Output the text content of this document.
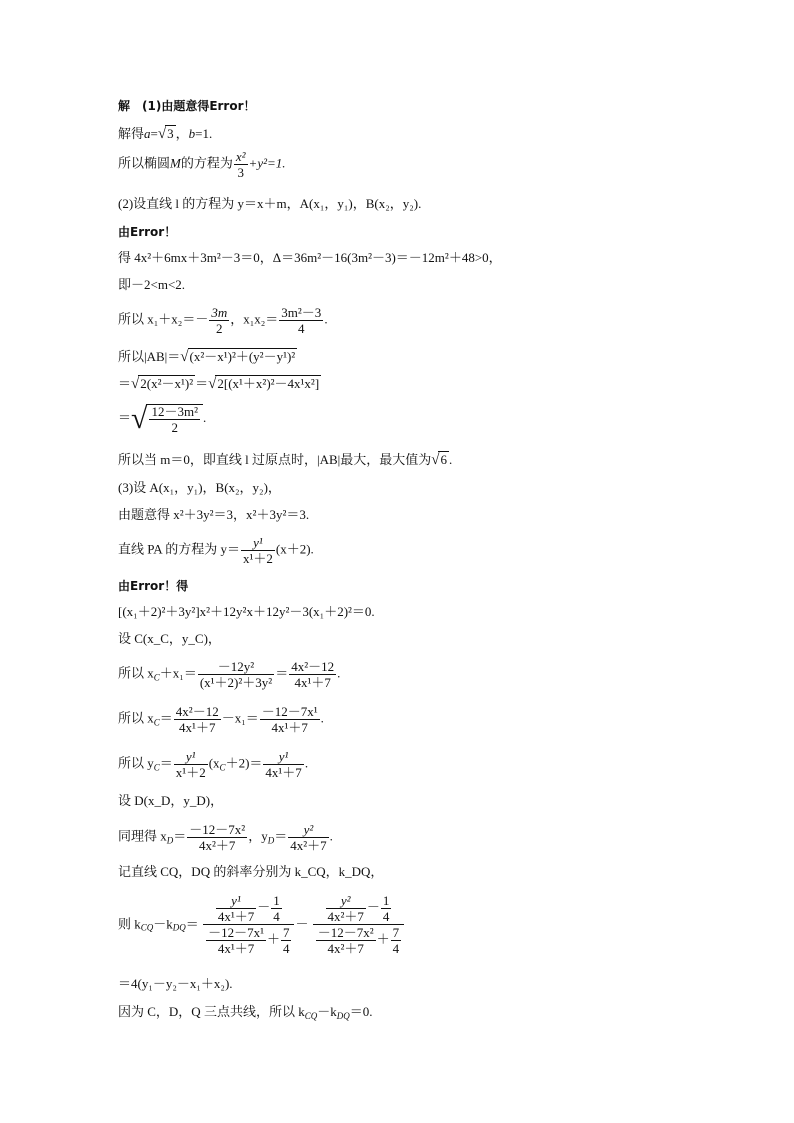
解　(1)由题意得Error！
解得a=√3 ，b=1.
所以椭圆M的方程为 $\frac{\text{x²}}{3} +y^2=1$.
(2)设直线 l 的方程为 y＝x＋m，A(x₁，y₁)，B(x₂，y₂).
由Error！
得 4x²＋6mx＋3m²－3＝0，Δ＝36m²－16(3m²－3)＝－12m²＋48>0，
即－2<m<2.
所以 $x_1+x_2=- \frac{3m}{2}$ ，$x_1x_2= \frac{\text{3m²－3}}{4}$ .
所以|AB|＝√(x²－x¹)²＋(y²－y¹)²
＝√2(x²－x¹)² ＝√2[(x¹＋x²)²－4x¹x²]
＝√ $\frac{\text{12－3m²}}{2}$ .
所以当 m＝0，即直线 l 过原点时，|AB|最大，最大值为√6 .
(3)设 A(x₁，y₁)，B(x₂，y₂)，
由题意得 x²＋3y²＝3，x²＋3y²＝3.
直线 PA 的方程为 $y= \frac{\text{y¹}}{\text{x¹＋2}} (x+2)$.
由Error！得
[(x₁＋2)²＋3y²]x²＋12y²x＋12y²－3(x₁＋2)²＝0.
设 C(x_C，y_C)，
所以 $x_C+x_1= \frac{\text{－12y²}}{\text{(x¹＋2)²＋3y²}} = \frac{\text{4x²－12}}{\text{4x¹＋7}}$ .
所以 $x_C= \frac{\text{4x²－12}}{\text{4x¹＋7}} -x_1= \frac{\text{－12－7x¹}}{\text{4x¹＋7}}$ .
所以 $y_C= \frac{\text{y¹}}{\text{x¹＋2}} (x_C+2)= \frac{\text{y¹}}{\text{4x¹＋7}}$ .
设 D(x_D，y_D)，
同理得 $x_D= \frac{\text{－12－7x²}}{\text{4x²＋7}}$ ，$y_D= \frac{\text{y²}}{\text{4x²＋7}}$ .
记直线 CQ，DQ 的斜率分别为 k_CQ，k_DQ，
则 $k_{CQ}-k_{DQ}= \frac{\frac{\text{y¹}}{\text{4x¹＋7}} - \frac{1}{4}}{\frac{\text{－12－7x¹}}{\text{4x¹＋7}} + \frac{7}{4}} - \frac{\frac{\text{y²}}{\text{4x²＋7}} - \frac{1}{4}}{\frac{\text{－12－7x²}}{\text{4x²＋7}} + \frac{7}{4}}$
＝4(y₁－y₂－x₁＋x₂).
因为 C，D，Q 三点共线，所以 $k_{CQ}-k_{DQ}=0$.
